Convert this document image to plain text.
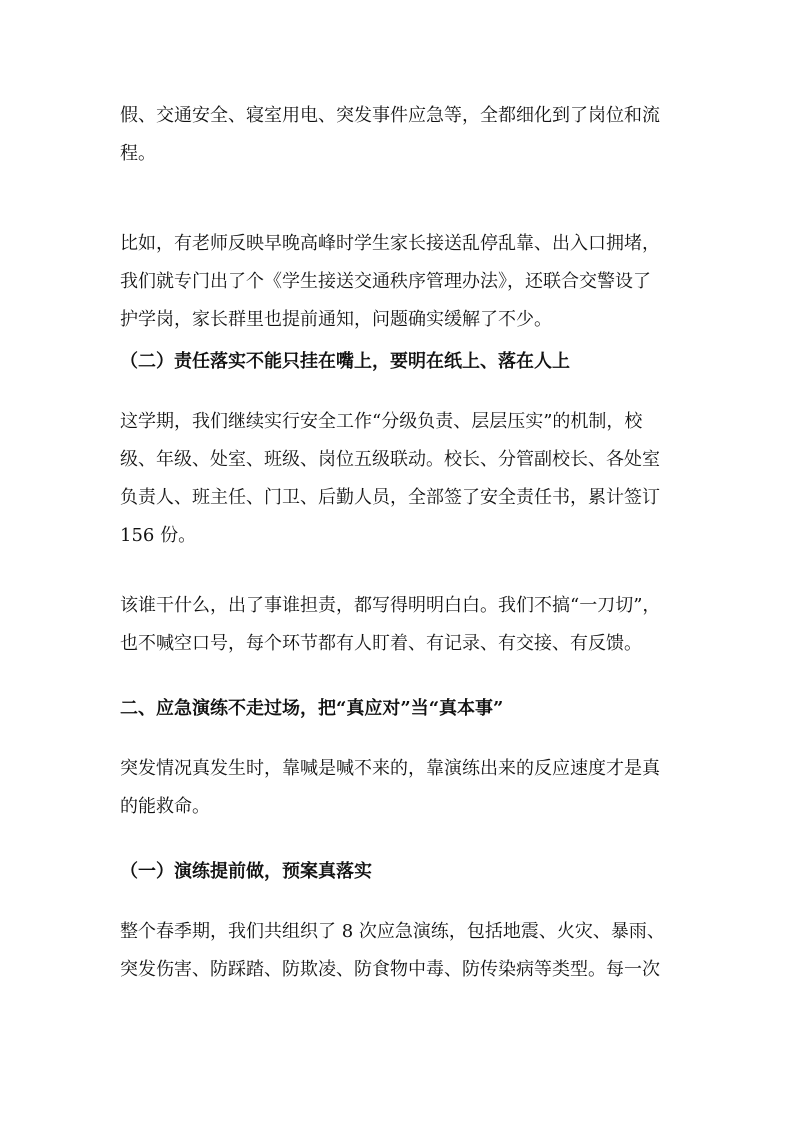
假、交通安全、寝室用电、突发事件应急等，全都细化到了岗位和流
程。
比如，有老师反映早晚高峰时学生家长接送乱停乱靠、出入口拥堵，
我们就专门出了个《学生接送交通秩序管理办法》，还联合交警设了
护学岗，家长群里也提前通知，问题确实缓解了不少。
（二）责任落实不能只挂在嘴上，要明在纸上、落在人上
这学期，我们继续实行安全工作“分级负责、层层压实”的机制，校
级、年级、处室、班级、岗位五级联动。校长、分管副校长、各处室
负责人、班主任、门卫、后勤人员，全部签了安全责任书，累计签订
156 份。
该谁干什么，出了事谁担责，都写得明明白白。我们不搞“一刀切”，
也不喊空口号，每个环节都有人盯着、有记录、有交接、有反馈。
二、应急演练不走过场，把“真应对”当“真本事”
突发情况真发生时，靠喊是喊不来的，靠演练出来的反应速度才是真
的能救命。
（一）演练提前做，预案真落实
整个春季期，我们共组织了 8 次应急演练，包括地震、火灾、暴雨、
突发伤害、防踩踏、防欺凌、防食物中毒、防传染病等类型。每一次
